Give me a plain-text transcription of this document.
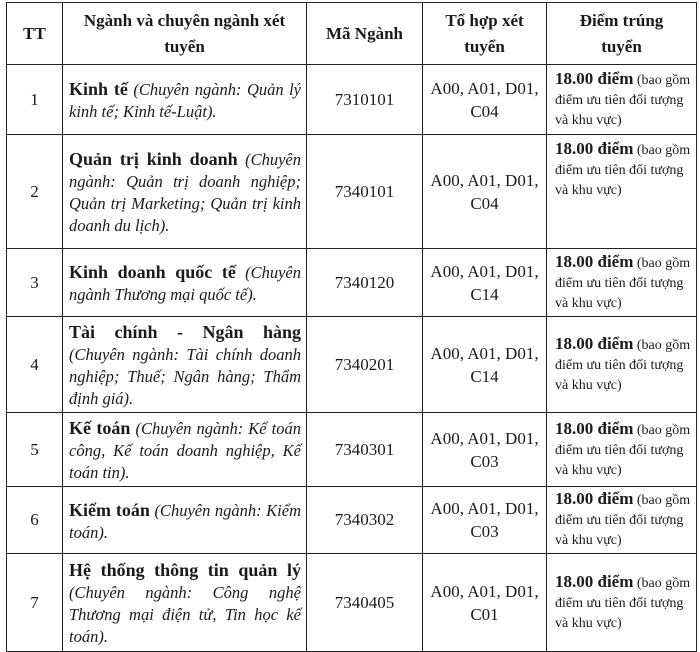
TT	Ngành và chuyên ngành xét tuyển	Mã Ngành	Tổ hợp xét tuyển	Điểm trúng tuyển
1	Kinh tế (Chuyên ngành: Quản lý kinh tế; Kinh tế-Luật).	7310101	A00, A01, D01, C04	18.00 điểm (bao gồm điểm ưu tiên đối tượng và khu vực)
2	Quản trị kinh doanh (Chuyên ngành: Quản trị doanh nghiệp; Quản trị Marketing; Quản trị kinh doanh du lịch).	7340101	A00, A01, D01, C04	18.00 điểm (bao gồm điểm ưu tiên đối tượng và khu vực)
3	Kinh doanh quốc tế (Chuyên ngành Thương mại quốc tế).	7340120	A00, A01, D01, C14	18.00 điểm (bao gồm điểm ưu tiên đối tượng và khu vực)
4	Tài chính - Ngân hàng (Chuyên ngành: Tài chính doanh nghiệp; Thuế; Ngân hàng; Thẩm định giá).	7340201	A00, A01, D01, C14	18.00 điểm (bao gồm điểm ưu tiên đối tượng và khu vực)
5	Kế toán (Chuyên ngành: Kế toán công, Kế toán doanh nghiệp, Kế toán tin).	7340301	A00, A01, D01, C03	18.00 điểm (bao gồm điểm ưu tiên đối tượng và khu vực)
6	Kiểm toán (Chuyên ngành: Kiểm toán).	7340302	A00, A01, D01, C03	18.00 điểm (bao gồm điểm ưu tiên đối tượng và khu vực)
7	Hệ thống thông tin quản lý (Chuyên ngành: Công nghệ Thương mại điện tử, Tin học kế toán).	7340405	A00, A01, D01, C01	18.00 điểm (bao gồm điểm ưu tiên đối tượng và khu vực)
